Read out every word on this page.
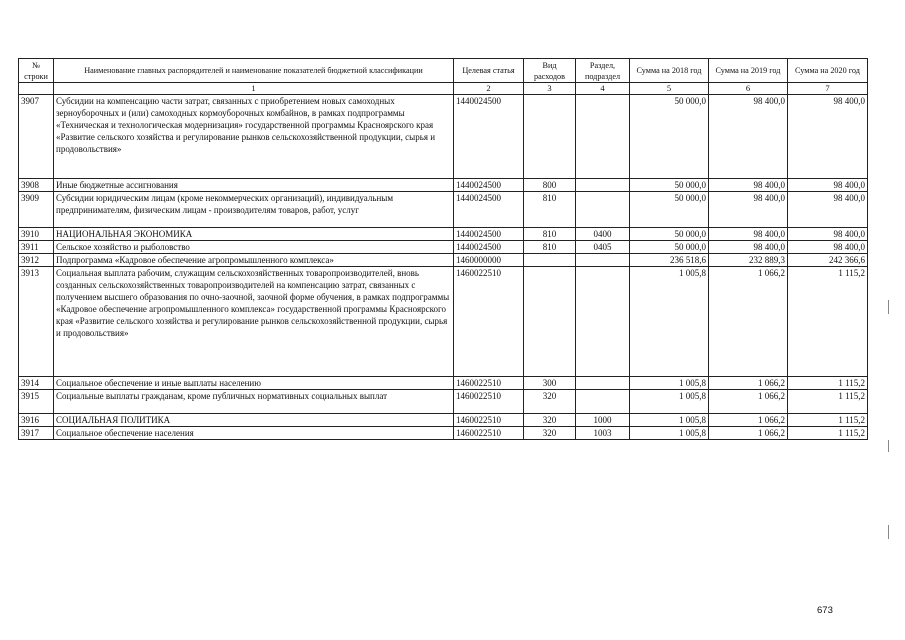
№ строки	Наименование главных распорядителей и наименование показателей бюджетной классификации	Целевая статья	Вид расходов	Раздел, подраздел	Сумма на 2018 год	Сумма на 2019 год	Сумма на 2020 год
	1	2	3	4	5	6	7
3907	Субсидии на компенсацию части затрат, связанных с приобретением новых самоходных зерноуборочных и (или) самоходных кормоуборочных комбайнов, в рамках подпрограммы «Техническая и технологическая модернизация» государственной программы Красноярского края «Развитие сельского хозяйства и регулирование рынков сельскохозяйственной продукции, сырья и продовольствия»	1440024500			50 000,0	98 400,0	98 400,0
3908	Иные бюджетные ассигнования	1440024500	800		50 000,0	98 400,0	98 400,0
3909	Субсидии юридическим лицам (кроме некоммерческих организаций), индивидуальным предпринимателям, физическим лицам - производителям товаров, работ, услуг	1440024500	810		50 000,0	98 400,0	98 400,0
3910	НАЦИОНАЛЬНАЯ ЭКОНОМИКА	1440024500	810	0400	50 000,0	98 400,0	98 400,0
3911	Сельское хозяйство и рыболовство	1440024500	810	0405	50 000,0	98 400,0	98 400,0
3912	Подпрограмма «Кадровое обеспечение агропромышленного комплекса»	1460000000			236 518,6	232 889,3	242 366,6
3913	Социальная выплата рабочим, служащим сельскохозяйственных товаропроизводителей, вновь созданных сельскохозяйственных товаропроизводителей на компенсацию затрат, связанных с получением высшего образования по очно-заочной, заочной форме обучения, в рамках подпрограммы «Кадровое обеспечение агропромышленного комплекса» государственной программы Красноярского края «Развитие сельского хозяйства и регулирование рынков сельскохозяйственной продукции, сырья и продовольствия»	1460022510			1 005,8	1 066,2	1 115,2
3914	Социальное обеспечение и иные выплаты населению	1460022510	300		1 005,8	1 066,2	1 115,2
3915	Социальные выплаты гражданам, кроме публичных нормативных социальных выплат	1460022510	320		1 005,8	1 066,2	1 115,2
3916	СОЦИАЛЬНАЯ ПОЛИТИКА	1460022510	320	1000	1 005,8	1 066,2	1 115,2
3917	Социальное обеспечение населения	1460022510	320	1003	1 005,8	1 066,2	1 115,2
673
